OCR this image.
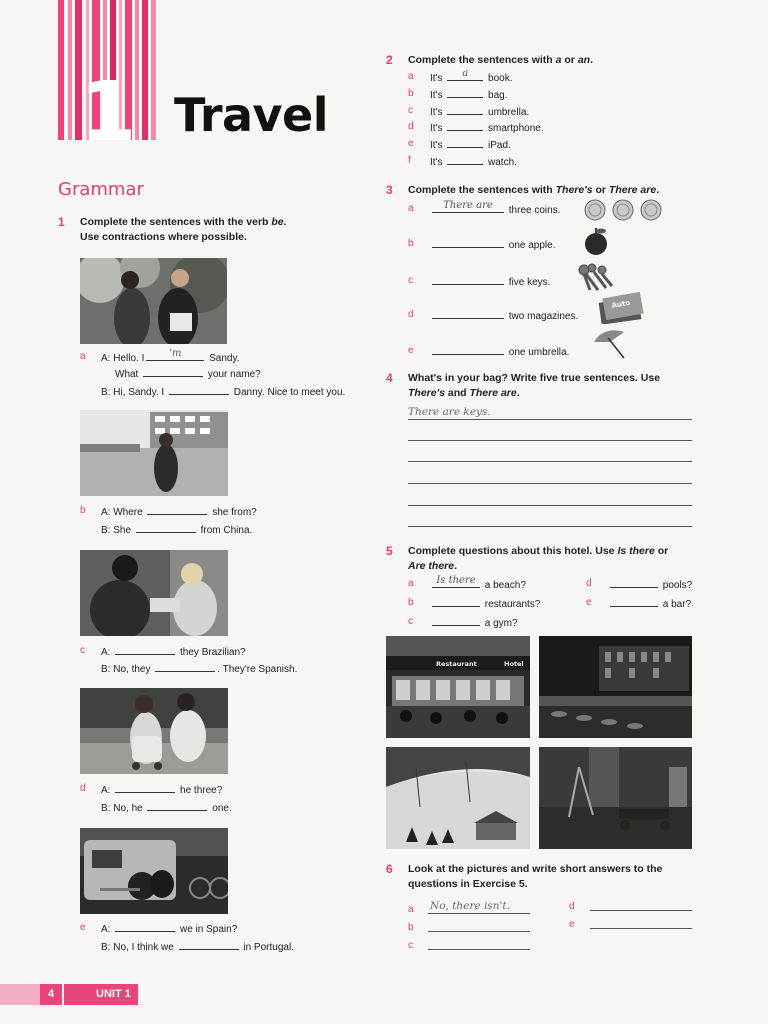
1 Travel
Grammar
1 Complete the sentences with the verb be.
Use contractions where possible.
a A: Hello. I	'm	Sandy.
What	your name?
B: Hi, Sandy. I	Danny. Nice to meet you.
b A: Where	she from?
B: She	from China.
c A:	they Brazilian?
B: No, they	. They're Spanish.
d A:	he three?
B: No, he	one.
e A:	we in Spain?
B: No, I think we	in Portugal.
2 Complete the sentences with a or an.
a It's	a	book.
b It's	bag.
c It's	umbrella.
d It's	smartphone.
e It's	iPad.
f It's	watch.
3 Complete the sentences with There's or There are.
a	There are	three coins.
b	one apple.
c	five keys.
d	two magazines.
e	one umbrella.
Auto
4 What's in your bag? Write five true sentences. Use
There's and There are.
There are keys.
5 Complete questions about this hotel. Use Is there or
Are there.
a	Is there a beach?
b	restaurants?
c	a gym?
d	pools?
e	a bar?
Restaurant	Hotel
6 Look at the pictures and write short answers to the
questions in Exercise 5.
a No, there isn't.
b
c
d
e
4	UNIT 1
